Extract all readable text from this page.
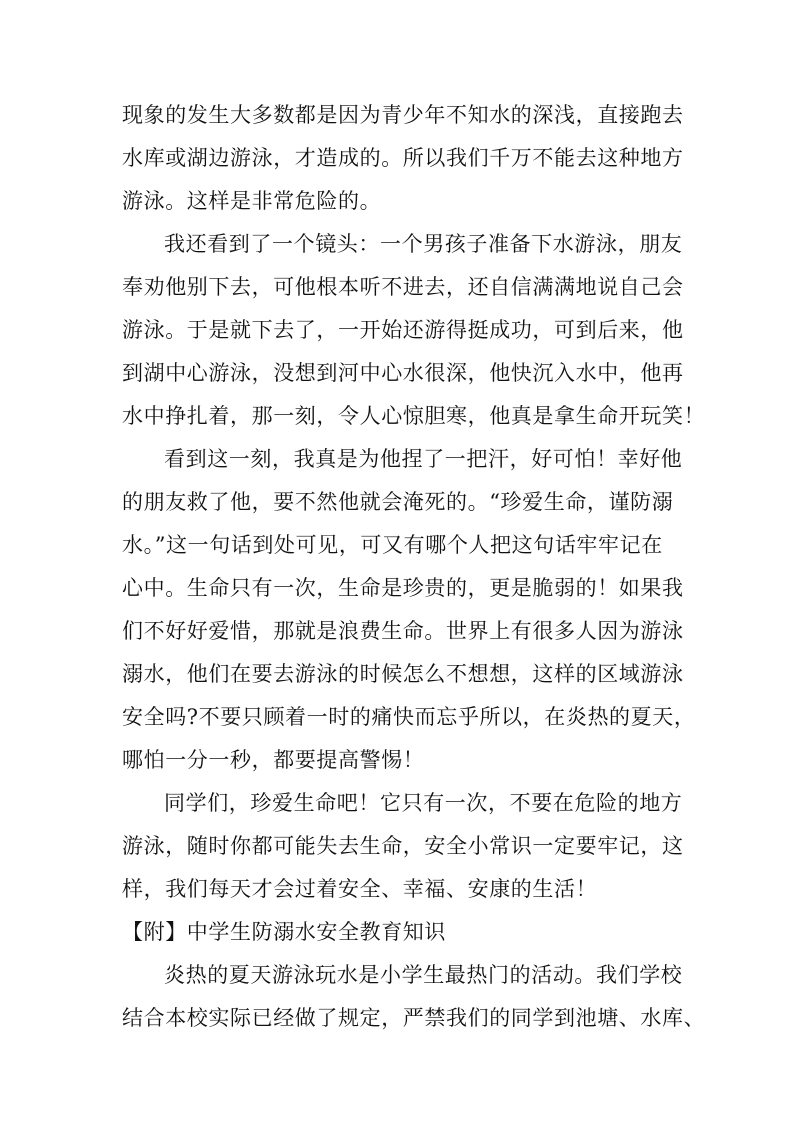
现象的发生大多数都是因为青少年不知水的深浅，直接跑去
水库或湖边游泳，才造成的。所以我们千万不能去这种地方
游泳。这样是非常危险的。
我还看到了一个镜头：一个男孩子准备下水游泳，朋友
奉劝他别下去，可他根本听不进去，还自信满满地说自己会
游泳。于是就下去了，一开始还游得挺成功，可到后来，他
到湖中心游泳，没想到河中心水很深，他快沉入水中，他再
水中挣扎着，那一刻，令人心惊胆寒，他真是拿生命开玩笑！
看到这一刻，我真是为他捏了一把汗，好可怕！幸好他
的朋友救了他，要不然他就会淹死的。“珍爱生命，谨防溺
水。”这一句话到处可见，可又有哪个人把这句话牢牢记在
心中。生命只有一次，生命是珍贵的，更是脆弱的！如果我
们不好好爱惜，那就是浪费生命。世界上有很多人因为游泳
溺水，他们在要去游泳的时候怎么不想想，这样的区域游泳
安全吗?不要只顾着一时的痛快而忘乎所以，在炎热的夏天，
哪怕一分一秒，都要提高警惕！
同学们，珍爱生命吧！它只有一次，不要在危险的地方
游泳，随时你都可能失去生命，安全小常识一定要牢记，这
样，我们每天才会过着安全、幸福、安康的生活！
【附】中学生防溺水安全教育知识
炎热的夏天游泳玩水是小学生最热门的活动。我们学校
结合本校实际已经做了规定，严禁我们的同学到池塘、水库、
